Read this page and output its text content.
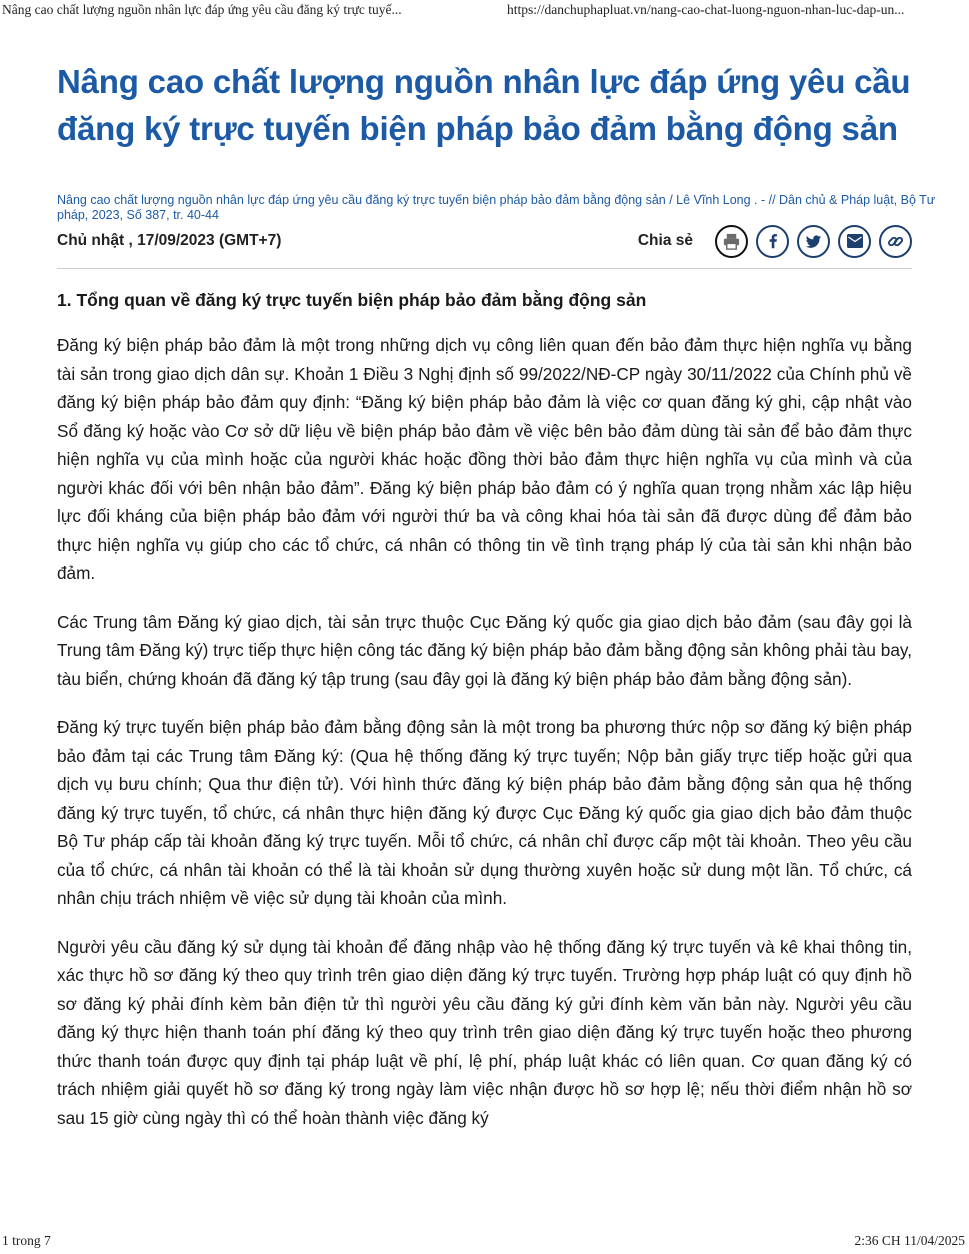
Nâng cao chất lượng nguồn nhân lực đáp ứng yêu cầu đăng ký trực tuyế...	https://danchuphapluat.vn/nang-cao-chat-luong-nguon-nhan-luc-dap-un...
Nâng cao chất lượng nguồn nhân lực đáp ứng yêu cầu đăng ký trực tuyến biện pháp bảo đảm bằng động sản
Nâng cao chất lượng nguồn nhân lực đáp ứng yêu cầu đăng ký trực tuyến biện pháp bảo đảm bằng động sản / Lê Vĩnh Long . - // Dân chủ & Pháp luật, Bộ Tư pháp, 2023, Số 387, tr. 40-44
Chủ nhật , 17/09/2023 (GMT+7)	Chia sẻ
1. Tổng quan về đăng ký trực tuyến biện pháp bảo đảm bằng động sản

Đăng ký biện pháp bảo đảm là một trong những dịch vụ công liên quan đến bảo đảm thực hiện nghĩa vụ bằng tài sản trong giao dịch dân sự. Khoản 1 Điều 3 Nghị định số 99/2022/NĐ-CP ngày 30/11/2022 của Chính phủ về đăng ký biện pháp bảo đảm quy định: “Đăng ký biện pháp bảo đảm là việc cơ quan đăng ký ghi, cập nhật vào Sổ đăng ký hoặc vào Cơ sở dữ liệu về biện pháp bảo đảm về việc bên bảo đảm dùng tài sản để bảo đảm thực hiện nghĩa vụ của mình hoặc của người khác hoặc đồng thời bảo đảm thực hiện nghĩa vụ của mình và của người khác đối với bên nhận bảo đảm”. Đăng ký biện pháp bảo đảm có ý nghĩa quan trọng nhằm xác lập hiệu lực đối kháng của biện pháp bảo đảm với người thứ ba và công khai hóa tài sản đã được dùng để đảm bảo thực hiện nghĩa vụ giúp cho các tổ chức, cá nhân có thông tin về tình trạng pháp lý của tài sản khi nhận bảo đảm.

Các Trung tâm Đăng ký giao dịch, tài sản trực thuộc Cục Đăng ký quốc gia giao dịch bảo đảm (sau đây gọi là Trung tâm Đăng ký) trực tiếp thực hiện công tác đăng ký biện pháp bảo đảm bằng động sản không phải tàu bay, tàu biển, chứng khoán đã đăng ký tập trung (sau đây gọi là đăng ký biện pháp bảo đảm bằng động sản).

Đăng ký trực tuyến biện pháp bảo đảm bằng động sản là một trong ba phương thức nộp sơ đăng ký biện pháp bảo đảm tại các Trung tâm Đăng ký: (Qua hệ thống đăng ký trực tuyến; Nộp bản giấy trực tiếp hoặc gửi qua dịch vụ bưu chính; Qua thư điện tử). Với hình thức đăng ký biện pháp bảo đảm bằng động sản qua hệ thống đăng ký trực tuyến, tổ chức, cá nhân thực hiện đăng ký được Cục Đăng ký quốc gia giao dịch bảo đảm thuộc Bộ Tư pháp cấp tài khoản đăng ký trực tuyến. Mỗi tổ chức, cá nhân chỉ được cấp một tài khoản. Theo yêu cầu của tổ chức, cá nhân tài khoản có thể là tài khoản sử dụng thường xuyên hoặc sử dung một lần. Tổ chức, cá nhân chịu trách nhiệm về việc sử dụng tài khoản của mình.

Người yêu cầu đăng ký sử dụng tài khoản để đăng nhập vào hệ thống đăng ký trực tuyến và kê khai thông tin, xác thực hồ sơ đăng ký theo quy trình trên giao diện đăng ký trực tuyến. Trường hợp pháp luật có quy định hồ sơ đăng ký phải đính kèm bản điện tử thì người yêu cầu đăng ký gửi đính kèm văn bản này. Người yêu cầu đăng ký thực hiện thanh toán phí đăng ký theo quy trình trên giao diện đăng ký trực tuyến hoặc theo phương thức thanh toán được quy định tại pháp luật về phí, lệ phí, pháp luật khác có liên quan. Cơ quan đăng ký có trách nhiệm giải quyết hồ sơ đăng ký trong ngày làm việc nhận được hồ sơ hợp lệ; nếu thời điểm nhận hồ sơ sau 15 giờ cùng ngày thì có thể hoàn thành việc đăng ký

1 trong 7	2:36 CH 11/04/2025
